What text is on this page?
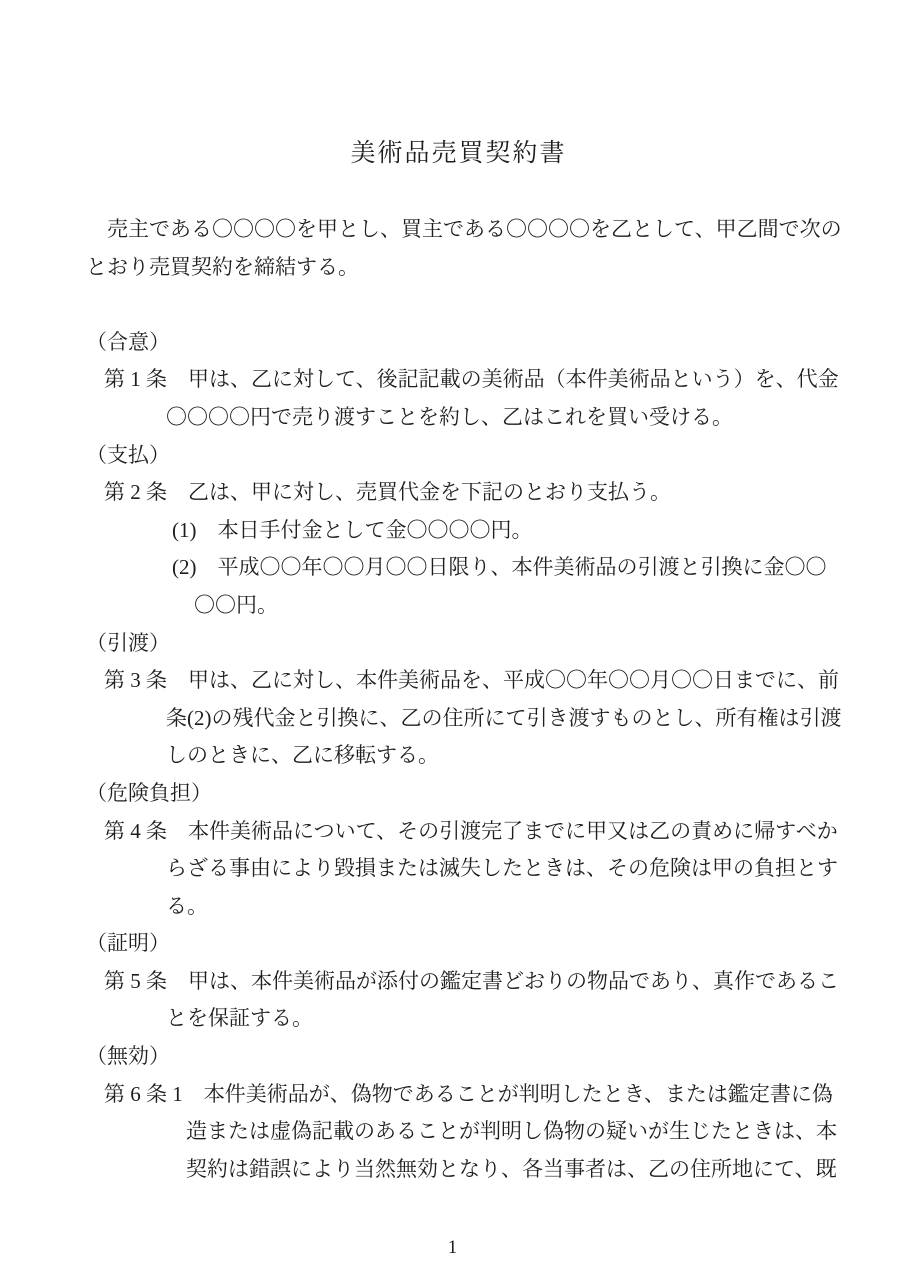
美術品売買契約書
　売主である〇〇〇〇を甲とし、買主である〇〇〇〇を乙として、甲乙間で次の
とおり売買契約を締結する。
（合意）
第 1 条　甲は、乙に対して、後記記載の美術品（本件美術品という）を、代金
〇〇〇〇円で売り渡すことを約し、乙はこれを買い受ける。
（支払）
第 2 条　乙は、甲に対し、売買代金を下記のとおり支払う。
(1)　本日手付金として金〇〇〇〇円。
(2)　平成〇〇年〇〇月〇〇日限り、本件美術品の引渡と引換に金〇〇
〇〇円。
（引渡）
第 3 条　甲は、乙に対し、本件美術品を、平成〇〇年〇〇月〇〇日までに、前
条(2)の残代金と引換に、乙の住所にて引き渡すものとし、所有権は引渡
しのときに、乙に移転する。
（危険負担）
第 4 条　本件美術品について、その引渡完了までに甲又は乙の責めに帰すべか
らざる事由により毀損または滅失したときは、その危険は甲の負担とす
る。
（証明）
第 5 条　甲は、本件美術品が添付の鑑定書どおりの物品であり、真作であるこ
とを保証する。
（無効）
第 6 条 1　本件美術品が、偽物であることが判明したとき、または鑑定書に偽
造または虚偽記載のあることが判明し偽物の疑いが生じたときは、本
契約は錯誤により当然無効となり、各当事者は、乙の住所地にて、既
1
